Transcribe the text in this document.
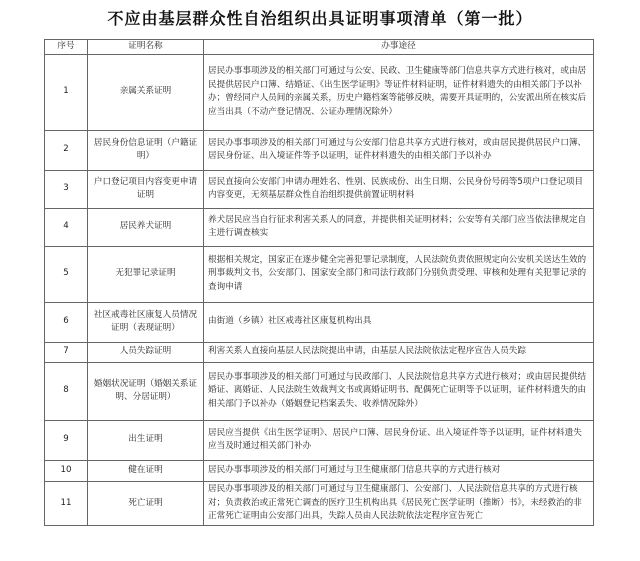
不应由基层群众性自治组织出具证明事项清单（第一批）
序号	证明名称	办事途径
1	亲属关系证明	居民办事事项涉及的相关部门可通过与公安、民政、卫生健康等部门信息共享方式进行核对，或由居民提供居民户口簿、结婚证、《出生医学证明》等证件材料证明，证件材料遗失的由相关部门予以补办；曾经同户人员间的亲属关系，历史户籍档案等能够反映，需要开具证明的，公安派出所在核实后应当出具（不动产登记情况、公证办理情况除外）
2	居民身份信息证明（户籍证明）	居民办事事项涉及的相关部门可通过与公安部门信息共享方式进行核对，或由居民提供居民户口簿、居民身份证、出入境证件等予以证明，证件材料遗失的由相关部门予以补办
3	户口登记项目内容变更申请证明	居民直接向公安部门申请办理姓名、性别、民族成份、出生日期、公民身份号码等5项户口登记项目内容变更，无须基层群众性自治组织提供前置证明材料
4	居民养犬证明	养犬居民应当自行征求利害关系人的同意，并提供相关证明材料；公安等有关部门应当依法律规定自主进行调查核实
5	无犯罪记录证明	根据相关规定，国家正在逐步健全完善犯罪记录制度，人民法院负责依照规定向公安机关送达生效的刑事裁判文书，公安部门、国家安全部门和司法行政部门分别负责受理、审核和处理有关犯罪记录的查询申请
6	社区戒毒社区康复人员情况证明（表现证明）	由街道（乡镇）社区戒毒社区康复机构出具
7	人员失踪证明	利害关系人直接向基层人民法院提出申请，由基层人民法院依法定程序宣告人员失踪
8	婚姻状况证明（婚姻关系证明、分居证明）	居民办事事项涉及的相关部门可通过与民政部门、人民法院信息共享方式进行核对；或由居民提供结婚证、离婚证、人民法院生效裁判文书或离婚证明书、配偶死亡证明等予以证明，证件材料遗失的由相关部门予以补办（婚姻登记档案丢失、收养情况除外）
9	出生证明	居民应当提供《出生医学证明》、居民户口簿、居民身份证、出入境证件等予以证明，证件材料遗失应当及时通过相关部门补办
10	健在证明	居民办事事项涉及的相关部门可通过与卫生健康部门信息共享的方式进行核对
11	死亡证明	居民办事事项涉及的相关部门可通过与卫生健康部门、公安部门、人民法院信息共享的方式进行核对；负责救治或正常死亡调查的医疗卫生机构出具《居民死亡医学证明（推断）书》，未经救治的非正常死亡证明由公安部门出具，失踪人员由人民法院依法定程序宣告死亡
